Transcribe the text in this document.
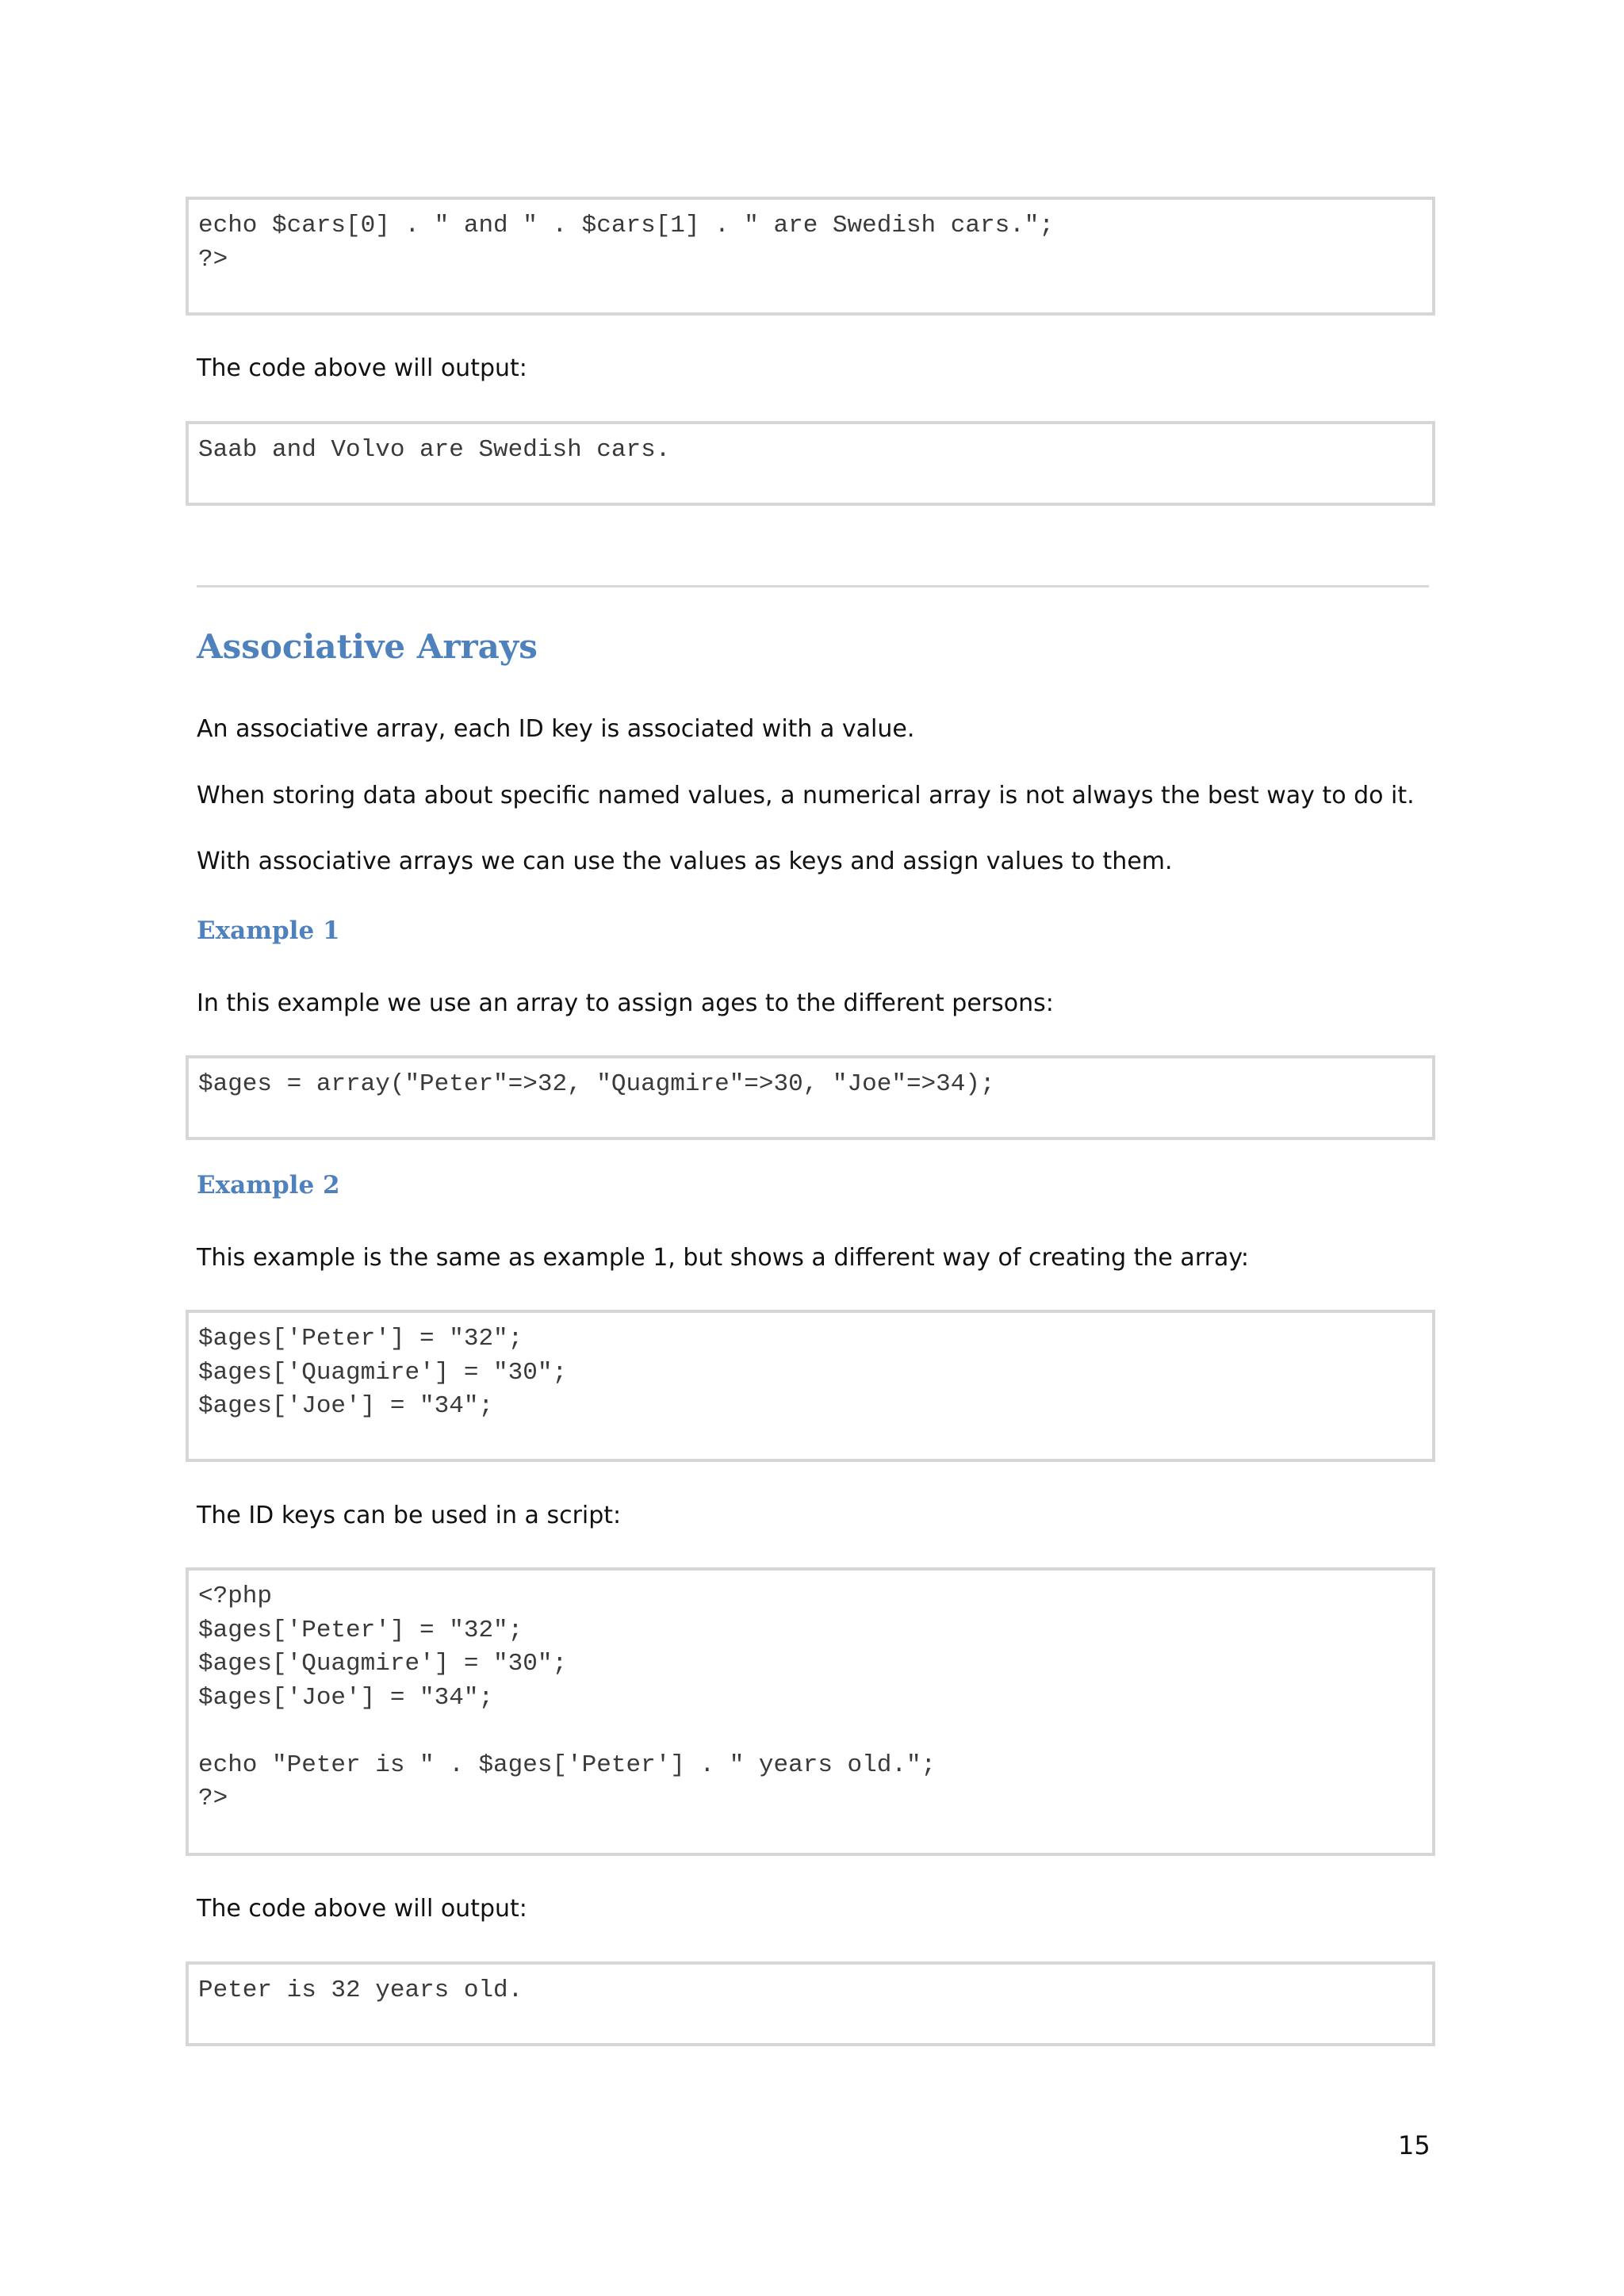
echo $cars[0] . " and " . $cars[1] . " are Swedish cars.";
?>

The code above will output:

Saab and Volvo are Swedish cars.
Associative Arrays

An associative array, each ID key is associated with a value.

When storing data about specific named values, a numerical array is not always the best way to do it.

With associative arrays we can use the values as keys and assign values to them.

Example 1

In this example we use an array to assign ages to the different persons:

$ages = array("Peter"=>32, "Quagmire"=>30, "Joe"=>34);
Example 2

This example is the same as example 1, but shows a different way of creating the array:

$ages['Peter'] = "32";
$ages['Quagmire'] = "30";
$ages['Joe'] = "34";

The ID keys can be used in a script:

<?php
$ages['Peter'] = "32";
$ages['Quagmire'] = "30";
$ages['Joe'] = "34";

echo "Peter is " . $ages['Peter'] . " years old.";
?>

The code above will output:

Peter is 32 years old.

15
